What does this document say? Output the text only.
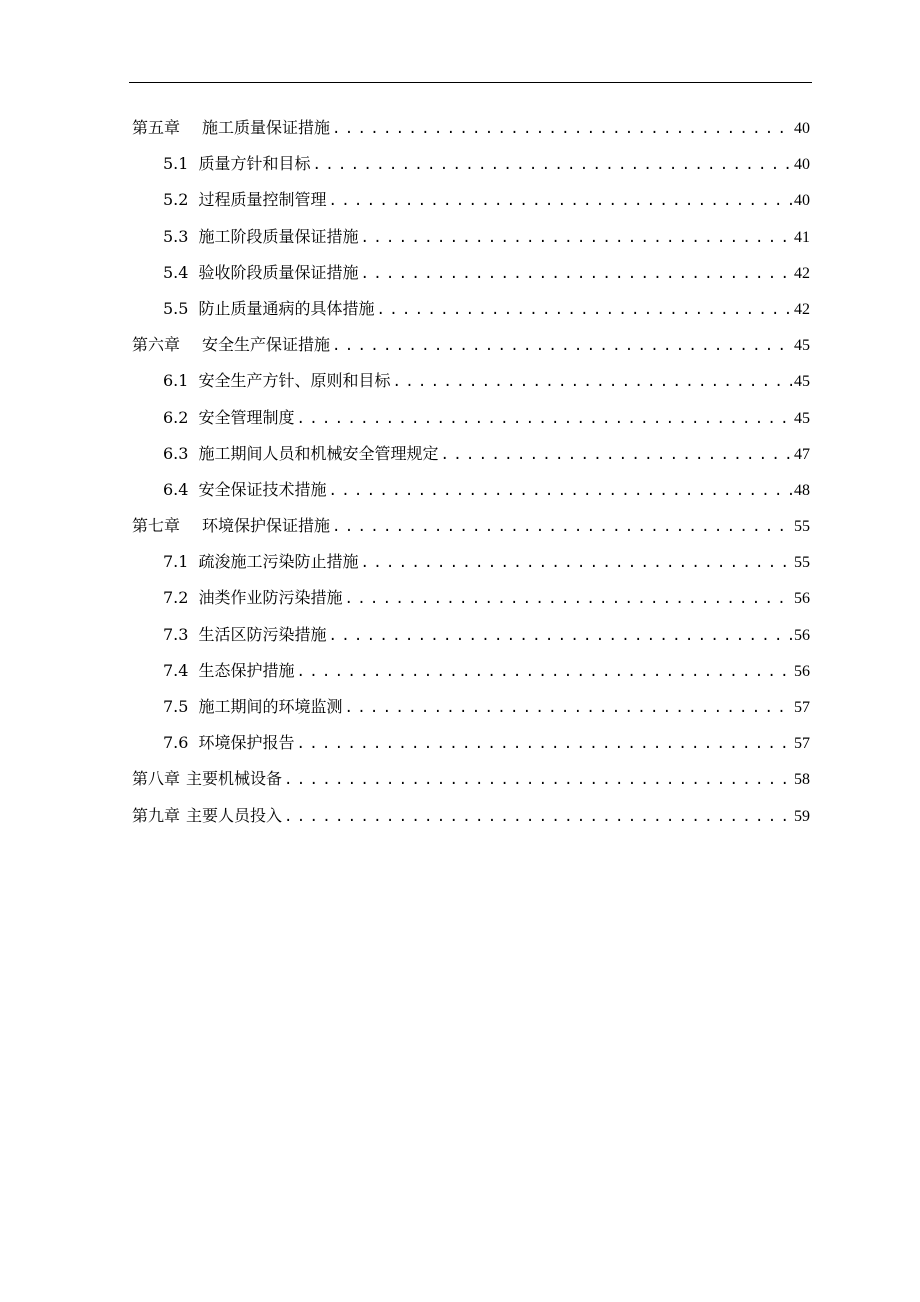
第五章 施工质量保证措施 .....	40
5.1 质量方针和目标 .....	40
5.2 过程质量控制管理 .....	40
5.3 施工阶段质量保证措施 .....	41
5.4 验收阶段质量保证措施 .....	42
5.5 防止质量通病的具体措施 .....	42
第六章 安全生产保证措施 .....	45
6.1 安全生产方针、原则和目标 .....	45
6.2 安全管理制度 .....	45
6.3 施工期间人员和机械安全管理规定 .....	47
6.4 安全保证技术措施 .....	48
第七章 环境保护保证措施 .....	55
7.1 疏浚施工污染防止措施 .....	55
7.2 油类作业防污染措施 .....	56
7.3 生活区防污染措施 .....	56
7.4 生态保护措施 .....	56
7.5 施工期间的环境监测 .....	57
7.6 环境保护报告 .....	57
第八章 主要机械设备 .....	58
第九章 主要人员投入 .....	59
